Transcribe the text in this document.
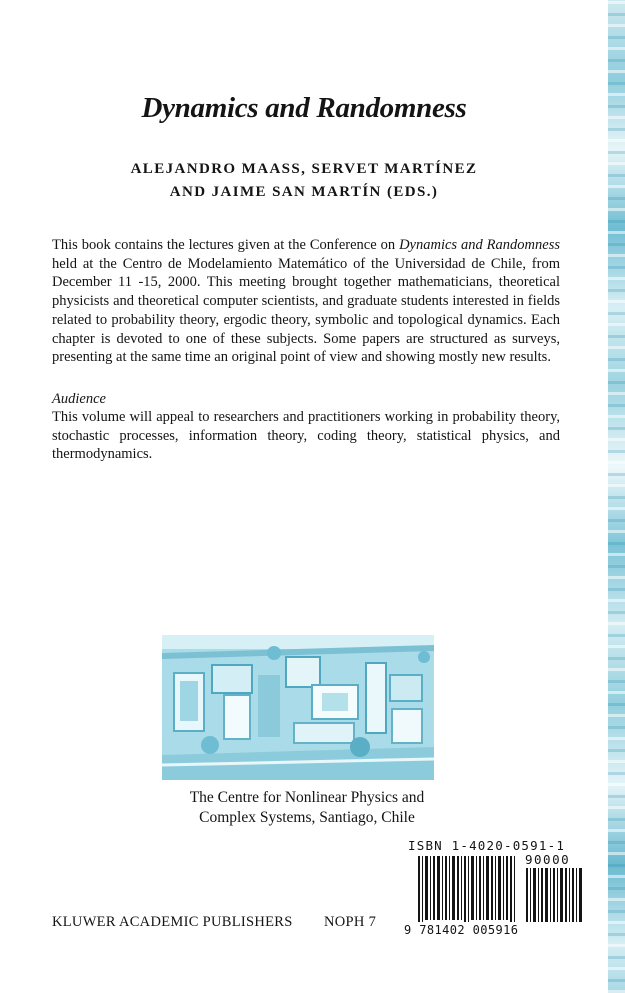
Dynamics and Randomness
ALEJANDRO MAASS, SERVET MARTÍNEZ
AND JAIME SAN MARTÍN (EDS.)

This book contains the lectures given at the Conference on Dynamics and Randomness held at the Centro de Modelamiento Matemático of the Universidad de Chile, from December 11 -15, 2000. This meeting brought together mathematicians, theoretical physicists and theoretical computer scientists, and graduate students interested in fields related to probability theory, ergodic theory, symbolic and topological dynamics. Each chapter is devoted to one of these subjects. Some papers are structured as surveys, presenting at the same time an original point of view and showing mostly new results.

Audience
This volume will appeal to researchers and practitioners working in probability theory, stochastic processes, information theory, coding theory, statistical physics, and thermodynamics.
The Centre for Nonlinear Physics and
Complex Systems, Santiago, Chile
KLUWER ACADEMIC PUBLISHERS NOPH 7
ISBN 1-4020-0591-1
90000
9 781402 005916
